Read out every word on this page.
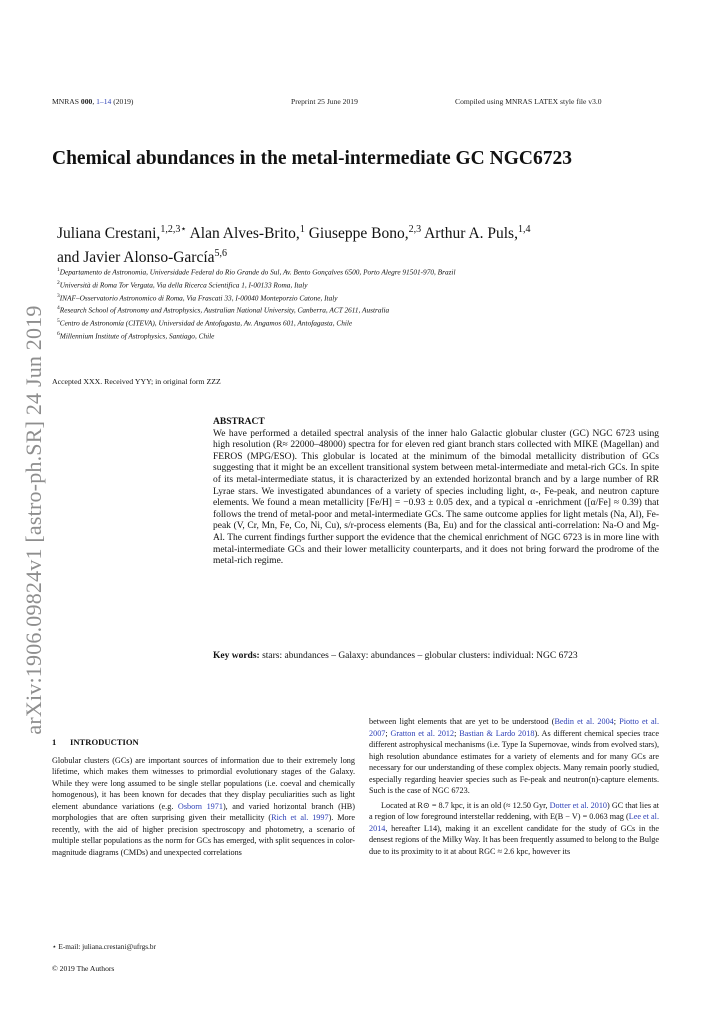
MNRAS 000, 1–14 (2019)	Preprint 25 June 2019	Compiled using MNRAS LATEX style file v3.0
arXiv:1906.09824v1 [astro-ph.SR] 24 Jun 2019
Chemical abundances in the metal-intermediate GC NGC6723
Juliana Crestani,$^{1,2,3⋆}$ Alan Alves-Brito,$^1$ Giuseppe Bono,$^{2,3}$ Arthur A. Puls,$^{1,4}$
and Javier Alonso-García$^{5,6}$
$^1$Departamento de Astronomia, Universidade Federal do Rio Grande do Sul, Av. Bento Gonçalves 6500, Porto Alegre 91501-970, Brazil
$^2$Università di Roma Tor Vergata, Via della Ricerca Scientifica 1, I-00133 Roma, Italy
$^3$INAF–Osservatorio Astronomico di Roma, Via Frascati 33, I-00040 Monteporzio Catone, Italy
$^4$Research School of Astronomy and Astrophysics, Australian National University, Canberra, ACT 2611, Australia
$^5$Centro de Astronomía (CITEVA), Universidad de Antofagasta, Av. Angamos 601, Antofagasta, Chile
$^6$Millennium Institute of Astrophysics, Santiago, Chile
Accepted XXX. Received YYY; in original form ZZZ
ABSTRACT

We have performed a detailed spectral analysis of the inner halo Galactic globular cluster (GC) NGC 6723 using high resolution (R≈ 22000–48000) spectra for for eleven red giant branch stars collected with MIKE (Magellan) and FEROS (MPG/ESO). This globular is located at the minimum of the bimodal metallicity distribution of GCs suggesting that it might be an excellent transitional system between metal-intermediate and metal-rich GCs. In spite of its metal-intermediate status, it is characterized by an extended horizontal branch and by a large number of RR Lyrae stars. We investigated abundances of a variety of species including light, α-, Fe-peak, and neutron capture elements. We found a mean metallicity [Fe/H] = −0.93 ± 0.05 dex, and a typical α -enrichment ([α/Fe] ≈ 0.39) that follows the trend of metal-poor and metal-intermediate GCs. The same outcome applies for light metals (Na, Al), Fe-peak (V, Cr, Mn, Fe, Co, Ni, Cu), s/r-process elements (Ba, Eu) and for the classical anti-correlation: Na-O and Mg-Al. The current findings further support the evidence that the chemical enrichment of NGC 6723 is in more line with metal-intermediate GCs and their lower metallicity counterparts, and it does not bring forward the prodrome of the metal-rich regime.

Key words: stars: abundances – Galaxy: abundances – globular clusters: individual: NGC 6723
1 INTRODUCTION

Globular clusters (GCs) are important sources of information due to their extremely long lifetime, which makes them witnesses to primordial evolutionary stages of the Galaxy. While they were long assumed to be single stellar populations (i.e. coeval and chemically homogenous), it has been known for decades that they display peculiarities such as light element abundance variations (e.g. Osborn 1971), and varied horizontal branch (HB) morphologies that are often surprising given their metallicity (Rich et al. 1997). More recently, with the aid of higher precision spectroscopy and photometry, a scenario of multiple stellar populations as the norm for GCs has emerged, with split sequences in color-magnitude diagrams (CMDs) and unexpected correlations

between light elements that are yet to be understood (Bedin et al. 2004; Piotto et al. 2007; Gratton et al. 2012; Bastian & Lardo 2018). As different chemical species trace different astrophysical mechanisms (i.e. Type Ia Supernovae, winds from evolved stars), high resolution abundance estimates for a variety of elements and for many GCs are necessary for our understanding of these complex objects. Many remain poorly studied, especially regarding heavier species such as Fe-peak and neutron(n)-capture elements. Such is the case of NGC 6723.

Located at R⊙ = 8.7 kpc, it is an old (≈ 12.50 Gyr, Dotter et al. 2010) GC that lies at a region of low foreground interstellar reddening, with E(B − V) = 0.063 mag (Lee et al. 2014, hereafter L14), making it an excellent candidate for the study of GCs in the densest regions of the Milky Way. It has been frequently assumed to belong to the Bulge due to its proximity to it at about RGC ≈ 2.6 kpc, however its

⋆ E-mail: juliana.crestani@ufrgs.br
© 2019 The Authors
